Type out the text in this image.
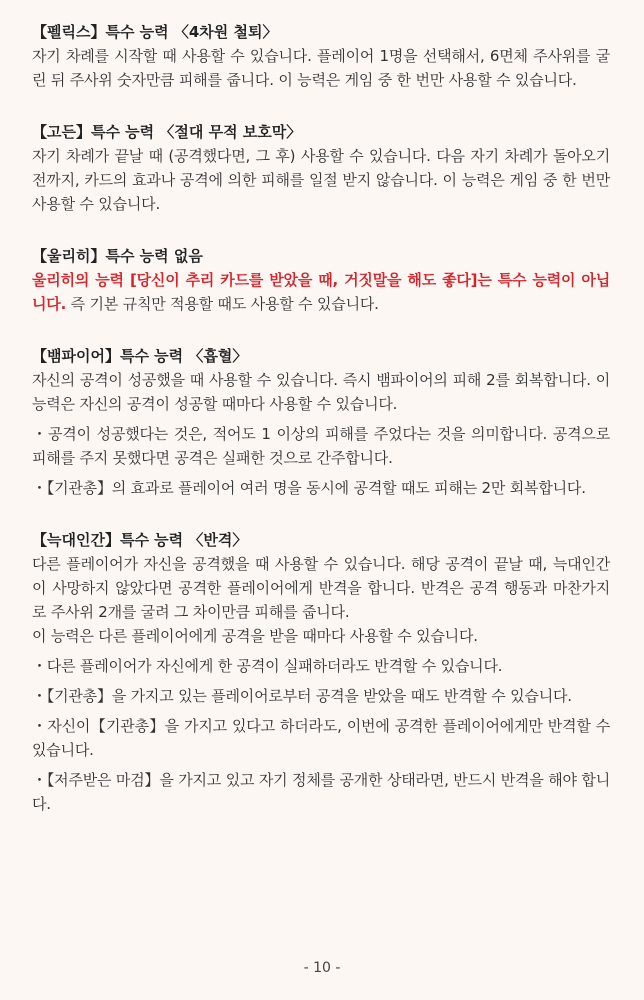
【펠릭스】특수 능력 〈4차원 철퇴〉
자기 차례를 시작할 때 사용할 수 있습니다. 플레이어 1명을 선택해서, 6면체 주사위를 굴린 뒤 주사위 숫자만큼 피해를 줍니다. 이 능력은 게임 중 한 번만 사용할 수 있습니다.
【고든】특수 능력 〈절대 무적 보호막〉
자기 차례가 끝날 때 (공격했다면, 그 후) 사용할 수 있습니다. 다음 자기 차례가 돌아오기 전까지, 카드의 효과나 공격에 의한 피해를 일절 받지 않습니다. 이 능력은 게임 중 한 번만 사용할 수 있습니다.
【울리히】특수 능력 없음
울리히의 능력 [당신이 추리 카드를 받았을 때, 거짓말을 해도 좋다]는 특수 능력이 아닙니다. 즉 기본 규칙만 적용할 때도 사용할 수 있습니다.
【뱀파이어】특수 능력 〈흡혈〉
자신의 공격이 성공했을 때 사용할 수 있습니다. 즉시 뱀파이어의 피해 2를 회복합니다. 이 능력은 자신의 공격이 성공할 때마다 사용할 수 있습니다.
・공격이 성공했다는 것은, 적어도 1 이상의 피해를 주었다는 것을 의미합니다. 공격으로 피해를 주지 못했다면 공격은 실패한 것으로 간주합니다.
・【기관총】의 효과로 플레이어 여러 명을 동시에 공격할 때도 피해는 2만 회복합니다.
【늑대인간】특수 능력 〈반격〉
다른 플레이어가 자신을 공격했을 때 사용할 수 있습니다. 해당 공격이 끝날 때, 늑대인간이 사망하지 않았다면 공격한 플레이어에게 반격을 합니다. 반격은 공격 행동과 마찬가지로 주사위 2개를 굴려 그 차이만큼 피해를 줍니다.
이 능력은 다른 플레이어에게 공격을 받을 때마다 사용할 수 있습니다.
・다른 플레이어가 자신에게 한 공격이 실패하더라도 반격할 수 있습니다.
・【기관총】을 가지고 있는 플레이어로부터 공격을 받았을 때도 반격할 수 있습니다.
・자신이【기관총】을 가지고 있다고 하더라도, 이번에 공격한 플레이어에게만 반격할 수 있습니다.
・【저주받은 마검】을 가지고 있고 자기 정체를 공개한 상태라면, 반드시 반격을 해야 합니다.
- 10 -
